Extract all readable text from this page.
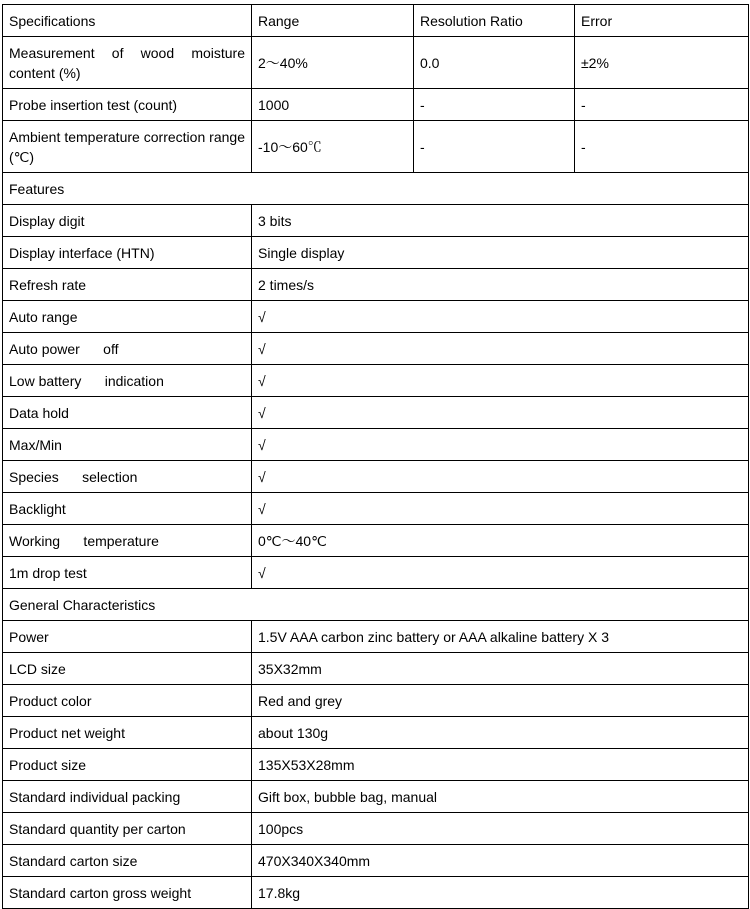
Specifications	Range	Resolution Ratio	Error
Measurement of wood moisture content (%)	2～40%	0.0	±2%
Probe insertion test (count)	1000	-	-
Ambient temperature correction range (℃)	-10～60℃	-	-
Features			
Display digit	3 bits		
Display interface (HTN)	Single display		
Refresh rate	2 times/s		
Auto range	√		
Auto power      off	√		
Low battery      indication	√		
Data hold	√		
Max/Min	√		
Species      selection	√		
Backlight	√		
Working      temperature	0℃～40℃		
1m drop test	√		
General Characteristics			
Power	1.5V AAA carbon zinc battery or AAA alkaline battery X 3		
LCD size	35X32mm		
Product color	Red and grey		
Product net weight	about 130g		
Product size	135X53X28mm		
Standard individual packing	Gift box, bubble bag, manual		
Standard quantity per carton	100pcs		
Standard carton size	470X340X340mm		
Standard carton gross weight	17.8kg		
